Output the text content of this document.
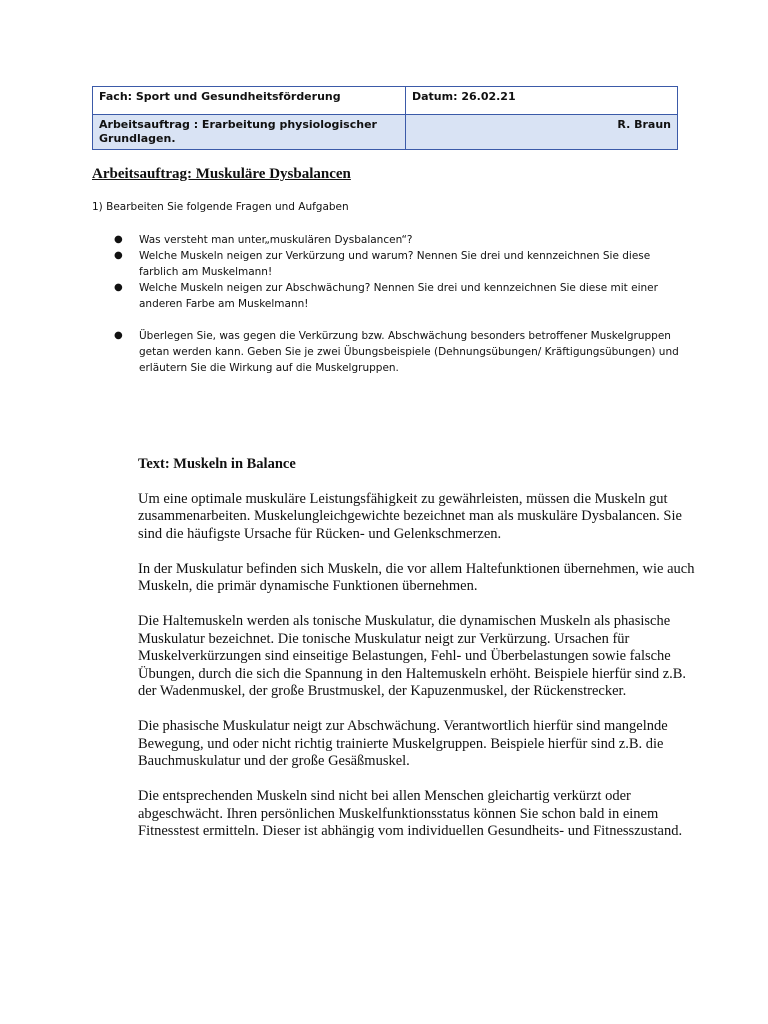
Fach: Sport und Gesundheitsförderung	Datum: 26.02.21
Arbeitsauftrag : Erarbeitung physiologischer
Grundlagen.	R. Braun
Arbeitsauftrag: Muskuläre Dysbalancen
1) Bearbeiten Sie folgende Fragen und Aufgaben
● Was versteht man unter„muskulären Dysbalancen“?
● Welche Muskeln neigen zur Verkürzung und warum? Nennen Sie drei und kennzeichnen Sie diese farblich am Muskelmann!
● Welche Muskeln neigen zur Abschwächung? Nennen Sie drei und kennzeichnen Sie diese mit einer anderen Farbe am Muskelmann!
● Überlegen Sie, was gegen die Verkürzung bzw. Abschwächung besonders betroffener Muskelgruppen getan werden kann. Geben Sie je zwei Übungsbeispiele (Dehnungsübungen/ Kräftigungsübungen) und erläutern Sie die Wirkung auf die Muskelgruppen.
Text: Muskeln in Balance

Um eine optimale muskuläre Leistungsfähigkeit zu gewährleisten, müssen die Muskeln gut zusammenarbeiten. Muskelungleichgewichte bezeichnet man als muskuläre Dysbalancen. Sie sind die häufigste Ursache für Rücken- und Gelenkschmerzen.

In der Muskulatur befinden sich Muskeln, die vor allem Haltefunktionen übernehmen, wie auch Muskeln, die primär dynamische Funktionen übernehmen.

Die Haltemuskeln werden als tonische Muskulatur, die dynamischen Muskeln als phasische Muskulatur bezeichnet. Die tonische Muskulatur neigt zur Verkürzung. Ursachen für Muskelverkürzungen sind einseitige Belastungen, Fehl- und Überbelastungen sowie falsche Übungen, durch die sich die Spannung in den Haltemuskeln erhöht. Beispiele hierfür sind z.B. der Wadenmuskel, der große Brustmuskel, der Kapuzenmuskel, der Rückenstrecker.

Die phasische Muskulatur neigt zur Abschwächung. Verantwortlich hierfür sind mangelnde Bewegung, und oder nicht richtig trainierte Muskelgruppen. Beispiele hierfür sind z.B. die Bauchmuskulatur und der große Gesäßmuskel.

Die entsprechenden Muskeln sind nicht bei allen Menschen gleichartig verkürzt oder abgeschwächt. Ihren persönlichen Muskelfunktionsstatus können Sie schon bald in einem Fitnesstest ermitteln. Dieser ist abhängig vom individuellen Gesundheits- und Fitnesszustand.
